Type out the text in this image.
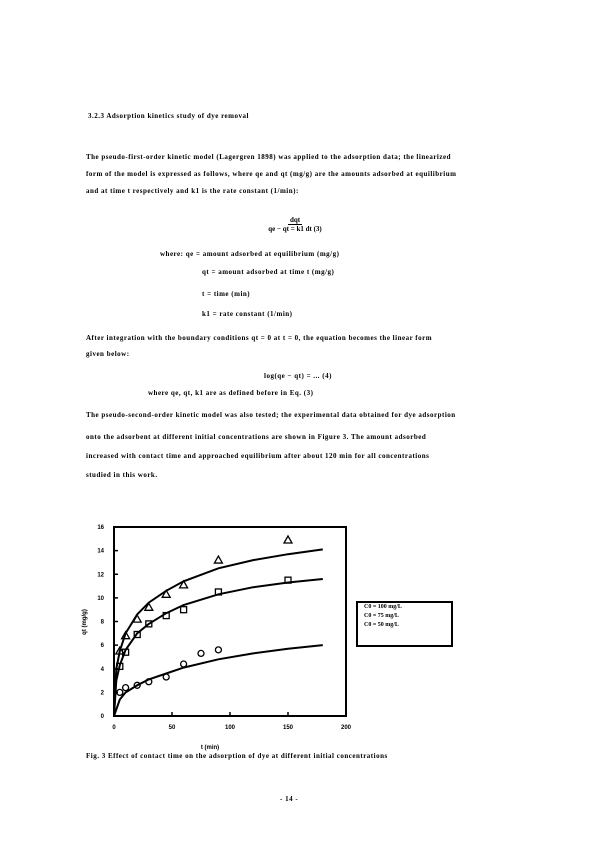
3.2.3 Adsorption kinetics study of dye removal
The pseudo-first-order kinetic model (Lagergren 1898) was applied to the adsorption data; the linearized
form of the model is expressed as follows, where qe and qt (mg/g) are the amounts adsorbed at equilibrium
and at time t respectively and k1 is the rate constant (1/min):
dqt
qe − qt = k1 dt (3)
where: qe = amount adsorbed at equilibrium (mg/g)
qt = amount adsorbed at time t (mg/g)
t = time (min)
k1 = rate constant (1/min)
After integration with the boundary conditions qt = 0 at t = 0, the equation becomes the linear form
given below:
log(qe − qt) = ... (4)
where qe, qt, k1 are as defined before in Eq. (3)
The pseudo-second-order kinetic model was also tested; the experimental data obtained for dye adsorption
onto the adsorbent at different initial concentrations are shown in Figure 3. The amount adsorbed
increased with contact time and approached equilibrium after about 120 min for all concentrations
studied in this work.
0	50	100	150	200
0
2
4
6
8
10
12
14
16
t (min)
qt (mg/g)
C0 = 100 mg/L
C0 = 75 mg/L
C0 = 50 mg/L
Fig. 3 Effect of contact time on the adsorption of dye at different initial concentrations
- 14 -
